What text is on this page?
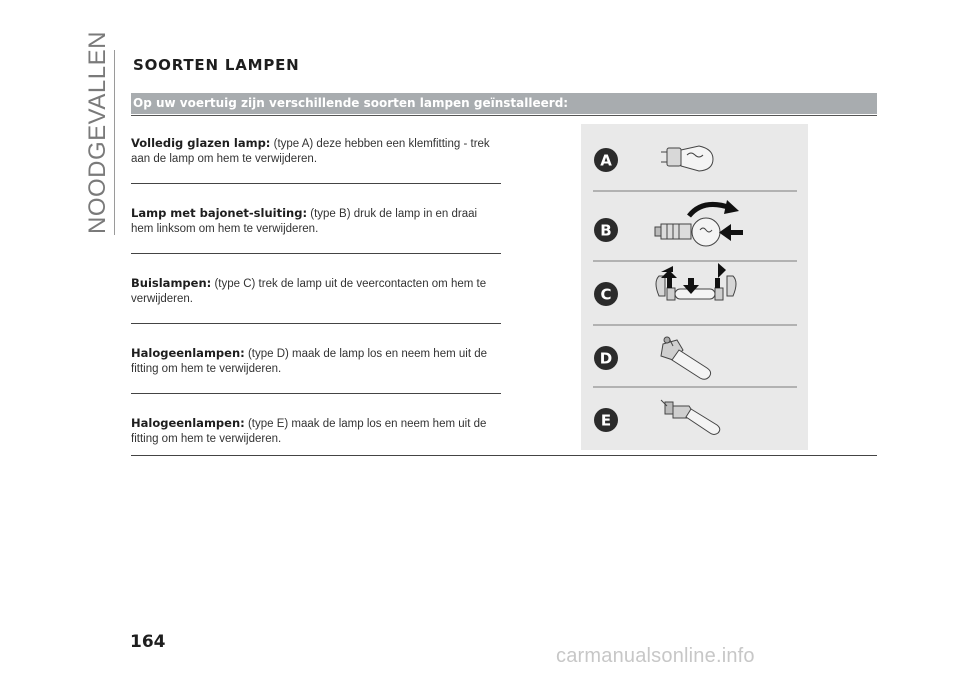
NOODGEVALLEN SOORTEN LAMPEN
Op uw voertuig zijn verschillende soorten lampen geïnstalleerd:
Volledig glazen lamp: (type A) deze hebben een klemfitting - trek aan de lamp om hem te verwijderen.
Lamp met bajonet-sluiting: (type B) druk de lamp in en draai hem linksom om hem te verwijderen.
Buislampen: (type C) trek de lamp uit de veercontacten om hem te verwijderen.
Halogeenlampen: (type D) maak de lamp los en neem hem uit de fitting om hem te verwijderen.
Halogeenlampen: (type E) maak de lamp los en neem hem uit de fitting om hem te verwijderen.
A
B
C
D
E
164
carmanualsonline.info
